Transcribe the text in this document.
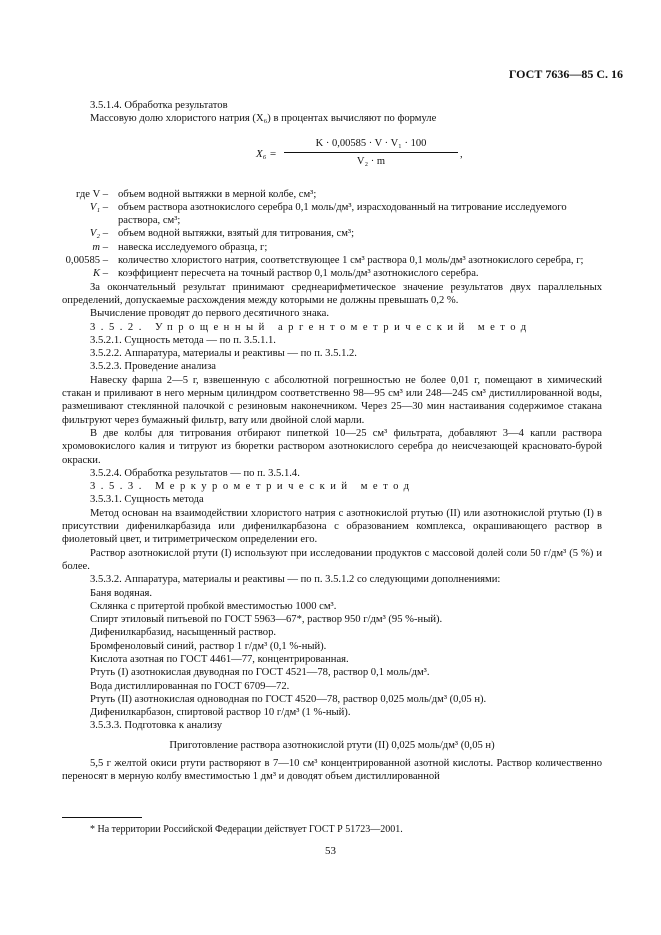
ГОСТ 7636—85 С. 16

3.5.1.4. Обработка результатов

Массовую долю хлористого натрия (X₆) в процентах вычисляют по формуле

$X_6 = \frac{\text{K · 0,00585 · V · V₁ · 100}}{\text{V₂ · m}}$ ,
где V – объем водной вытяжки в мерной колбе, см³;
V₁ – объем раствора азотнокислого серебра 0,1 моль/дм³, израсходованный на титрование исследуемого раствора, см³;
V₂ – объем водной вытяжки, взятый для титрования, см³;
m – навеска исследуемого образца, г;
0,00585 – количество хлористого натрия, соответствующее 1 см³ раствора 0,1 моль/дм³ азотнокислого серебра, г;
K – коэффициент пересчета на точный раствор 0,1 моль/дм³ азотнокислого серебра.

За окончательный результат принимают среднеарифметическое значение результатов двух параллельных определений, допускаемые расхождения между которыми не должны превышать 0,2 %.

Вычисление проводят до первого десятичного знака.

3.5.2. Упрощенный аргентометрический метод

3.5.2.1. Сущность метода — по п. 3.5.1.1.

3.5.2.2. Аппаратура, материалы и реактивы — по п. 3.5.1.2.

3.5.2.3. Проведение анализа

Навеску фарша 2—5 г, взвешенную с абсолютной погрешностью не более 0,01 г, помещают в химический стакан и приливают в него мерным цилиндром соответственно 98—95 см³ или 248—245 см³ дистиллированной воды, размешивают стеклянной палочкой с резиновым наконечником. Через 25—30 мин настаивания содержимое стакана фильтруют через бумажный фильтр, вату или двойной слой марли.

В две колбы для титрования отбирают пипеткой 10—25 см³ фильтрата, добавляют 3—4 капли раствора хромовокислого калия и титруют из бюретки раствором азотнокислого серебра до неисчезающей красновато-бурой окраски.

3.5.2.4. Обработка результатов — по п. 3.5.1.4.

3.5.3. Меркурометрический метод

3.5.3.1. Сущность метода

Метод основан на взаимодействии хлористого натрия с азотнокислой ртутью (II) или азотнокислой ртутью (I) в присутствии дифенилкарбазида или дифенилкарбазона с образованием комплекса, окрашивающего раствор в фиолетовый цвет, и титриметрическом определении его.

Раствор азотнокислой ртути (I) используют при исследовании продуктов с массовой долей соли 50 г/дм³ (5 %) и более.

3.5.3.2. Аппаратура, материалы и реактивы — по п. 3.5.1.2 со следующими дополнениями:

Баня водяная.

Склянка с притертой пробкой вместимостью 1000 см³.

Спирт этиловый питьевой по ГОСТ 5963—67*, раствор 950 г/дм³ (95 %-ный).

Дифенилкарбазид, насыщенный раствор.

Бромфеноловый синий, раствор 1 г/дм³ (0,1 %-ный).

Кислота азотная по ГОСТ 4461—77, концентрированная.

Ртуть (I) азотнокислая двуводная по ГОСТ 4521—78, раствор 0,1 моль/дм³.

Вода дистиллированная по ГОСТ 6709—72.

Ртуть (II) азотнокислая одноводная по ГОСТ 4520—78, раствор 0,025 моль/дм³ (0,05 н).

Дифенилкарбазон, спиртовой раствор 10 г/дм³ (1 %-ный).

3.5.3.3. Подготовка к анализу

Приготовление раствора азотнокислой ртути (II) 0,025 моль/дм³ (0,05 н)

5,5 г желтой окиси ртути растворяют в 7—10 см³ концентрированной азотной кислоты. Раствор количественно переносят в мерную колбу вместимостью 1 дм³ и доводят объем дистиллированной

* На территории Российской Федерации действует ГОСТ Р 51723—2001.
53
